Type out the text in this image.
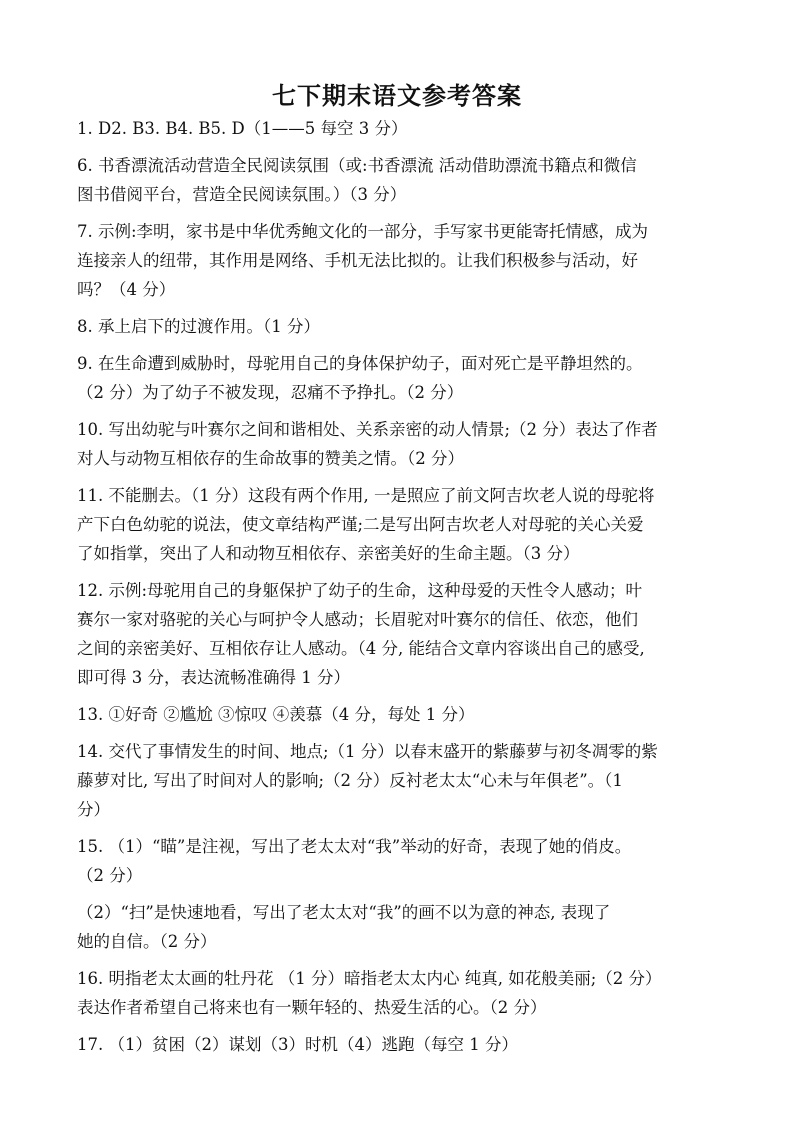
七下期末语文参考答案

1. D2. B3. B4. B5. D（1——5 每空 3 分）

6. 书香漂流活动营造全民阅读氛围（或:书香漂流 活动借助漂流书籍点和微信
图书借阅平台，营造全民阅读氛围。）（3 分）

7. 示例:李明，家书是中华优秀鲍文化的一部分，手写家书更能寄托情感，成为
连接亲人的纽带，其作用是网络、手机无法比拟的。让我们积极参与活动，好
吗？（4 分）

8. 承上启下的过渡作用。（1 分）

9. 在生命遭到威胁时，母驼用自己的身体保护幼子，面对死亡是平静坦然的。
（2 分）为了幼子不被发现，忍痛不予挣扎。（2 分）

10. 写出幼驼与叶赛尔之间和谐相处、关系亲密的动人情景;（2 分）表达了作者
对人与动物互相依存的生命故事的赞美之情。（2 分）

11. 不能删去。（1 分）这段有两个作用, 一是照应了前文阿吉坎老人说的母驼将
产下白色幼驼的说法，使文章结构严谨;二是写出阿吉坎老人对母驼的关心关爱
了如指掌，突出了人和动物互相依存、亲密美好的生命主题。（3 分）

12. 示例:母驼用自己的身躯保护了幼子的生命，这种母爱的天性令人感动；叶
赛尔一家对骆驼的关心与呵护令人感动；长眉驼对叶赛尔的信任、依恋，他们
之间的亲密美好、互相依存让人感动。（4 分, 能结合文章内容谈出自己的感受,
即可得 3 分，表达流畅准确得 1 分）

13. ①好奇 ②尴尬 ③惊叹 ④羡慕（4 分，每处 1 分）

14. 交代了事情发生的时间、地点;（1 分）以春末盛开的紫藤萝与初冬凋零的紫
藤萝对比, 写出了时间对人的影响;（2 分）反衬老太太“心未与年俱老”。（1
分）

15. （1）“瞄”是注视，写出了老太太对“我”举动的好奇，表现了她的俏皮。
（2 分）

（2）“扫”是快速地看，写出了老太太对“我”的画不以为意的神态, 表现了
她的自信。（2 分）

16. 明指老太太画的牡丹花 （1 分）暗指老太太内心 纯真, 如花般美丽;（2 分）
表达作者希望自己将来也有一颗年轻的、热爱生活的心。（2 分）

17. （1）贫困（2）谋划（3）时机（4）逃跑（每空 1 分）
